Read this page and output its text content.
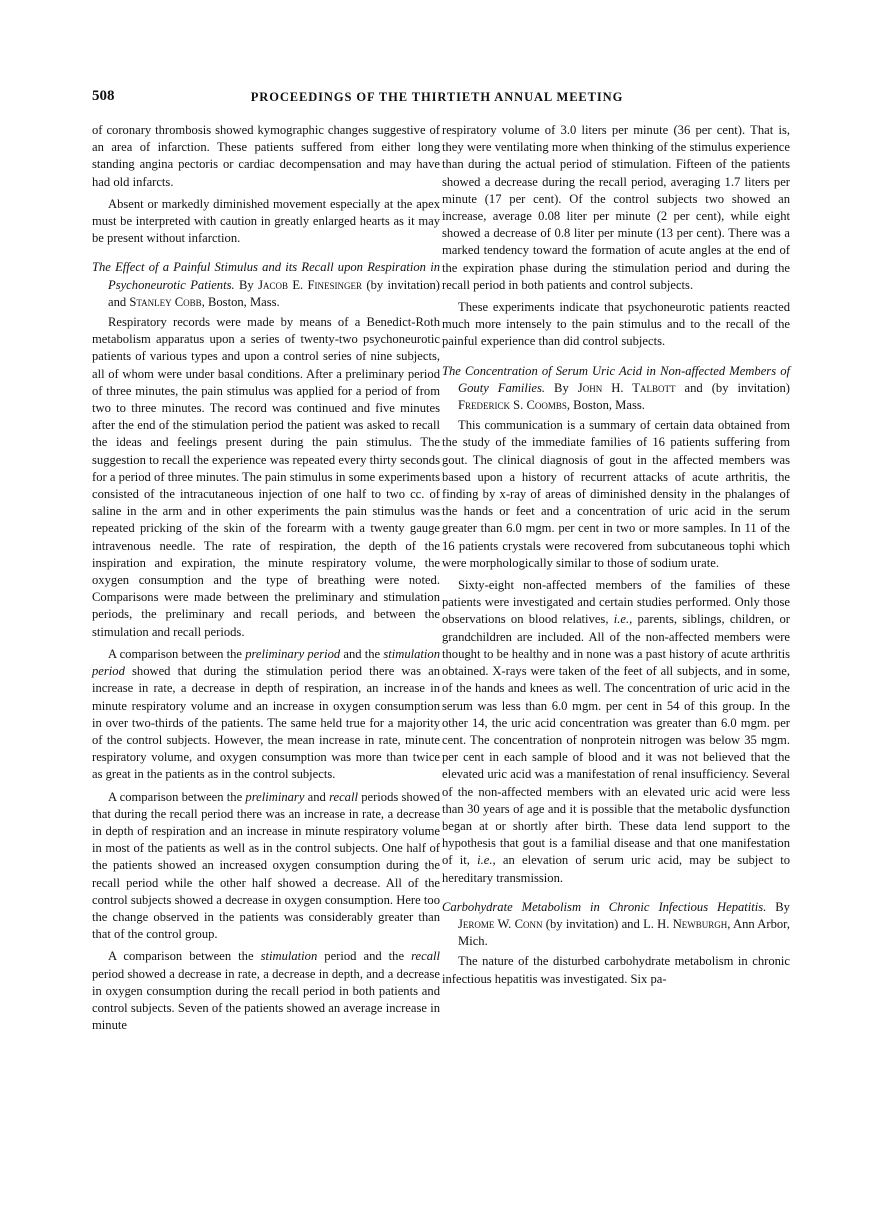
508	PROCEEDINGS OF THE THIRTIETH ANNUAL MEETING

of coronary thrombosis showed kymographic changes suggestive of an area of infarction. These patients suffered from either long standing angina pectoris or cardiac decompensation and may have had old infarcts.

Absent or markedly diminished movement especially at the apex must be interpreted with caution in greatly enlarged hearts as it may be present without infarction.

The Effect of a Painful Stimulus and its Recall upon Respiration in Psychoneurotic Patients. By Jacob E. Finesinger (by invitation) and Stanley Cobb, Boston, Mass.

Respiratory records were made by means of a Benedict-Roth metabolism apparatus upon a series of twenty-two psychoneurotic patients of various types and upon a control series of nine subjects, all of whom were under basal conditions. After a preliminary period of three minutes, the pain stimulus was applied for a period of from two to three minutes. The record was continued and five minutes after the end of the stimulation period the patient was asked to recall the ideas and feelings present during the pain stimulus. The suggestion to recall the experience was repeated every thirty seconds for a period of three minutes. The pain stimulus in some experiments consisted of the intracutaneous injection of one half to two cc. of saline in the arm and in other experiments the pain stimulus was repeated pricking of the skin of the forearm with a twenty gauge intravenous needle. The rate of respiration, the depth of the inspiration and expiration, the minute respiratory volume, the oxygen consumption and the type of breathing were noted. Comparisons were made between the preliminary and stimulation periods, the preliminary and recall periods, and between the stimulation and recall periods.

A comparison between the preliminary period and the stimulation period showed that during the stimulation period there was an increase in rate, a decrease in depth of respiration, an increase in minute respiratory volume and an increase in oxygen consumption in over two-thirds of the patients. The same held true for a majority of the control subjects. However, the mean increase in rate, minute respiratory volume, and oxygen consumption was more than twice as great in the patients as in the control subjects.

A comparison between the preliminary and recall periods showed that during the recall period there was an increase in rate, a decrease in depth of respiration and an increase in minute respiratory volume in most of the patients as well as in the control subjects. One half of the patients showed an increased oxygen consumption during the recall period while the other half showed a decrease. All of the control subjects showed a decrease in oxygen consumption. Here too the change observed in the patients was considerably greater than that of the control group.

A comparison between the stimulation period and the recall period showed a decrease in rate, a decrease in depth, and a decrease in oxygen consumption during the recall period in both patients and control subjects. Seven of the patients showed an average increase in minute

respiratory volume of 3.0 liters per minute (36 per cent). That is, they were ventilating more when thinking of the stimulus experience than during the actual period of stimulation. Fifteen of the patients showed a decrease during the recall period, averaging 1.7 liters per minute (17 per cent). Of the control subjects two showed an increase, average 0.08 liter per minute (2 per cent), while eight showed a decrease of 0.8 liter per minute (13 per cent). There was a marked tendency toward the formation of acute angles at the end of the expiration phase during the stimulation period and during the recall period in both patients and control subjects.

These experiments indicate that psychoneurotic patients reacted much more intensely to the pain stimulus and to the recall of the painful experience than did control subjects.

The Concentration of Serum Uric Acid in Non-affected Members of Gouty Families. By John H. Talbott and (by invitation) Frederick S. Coombs, Boston, Mass.

This communication is a summary of certain data obtained from the study of the immediate families of 16 patients suffering from gout. The clinical diagnosis of gout in the affected members was based upon a history of recurrent attacks of acute arthritis, the finding by x-ray of areas of diminished density in the phalanges of the hands or feet and a concentration of uric acid in the serum greater than 6.0 mgm. per cent in two or more samples. In 11 of the 16 patients crystals were recovered from subcutaneous tophi which were morphologically similar to those of sodium urate.

Sixty-eight non-affected members of the families of these patients were investigated and certain studies performed. Only those observations on blood relatives, i.e., parents, siblings, children, or grandchildren are included. All of the non-affected members were thought to be healthy and in none was a past history of acute arthritis obtained. X-rays were taken of the feet of all subjects, and in some, of the hands and knees as well. The concentration of uric acid in the serum was less than 6.0 mgm. per cent in 54 of this group. In the other 14, the uric acid concentration was greater than 6.0 mgm. per cent. The concentration of nonprotein nitrogen was below 35 mgm. per cent in each sample of blood and it was not believed that the elevated uric acid was a manifestation of renal insufficiency. Several of the non-affected members with an elevated uric acid were less than 30 years of age and it is possible that the metabolic dysfunction began at or shortly after birth. These data lend support to the hypothesis that gout is a familial disease and that one manifestation of it, i.e., an elevation of serum uric acid, may be subject to hereditary transmission.

Carbohydrate Metabolism in Chronic Infectious Hepatitis. By Jerome W. Conn (by invitation) and L. H. Newburgh, Ann Arbor, Mich.

The nature of the disturbed carbohydrate metabolism in chronic infectious hepatitis was investigated. Six pa-
